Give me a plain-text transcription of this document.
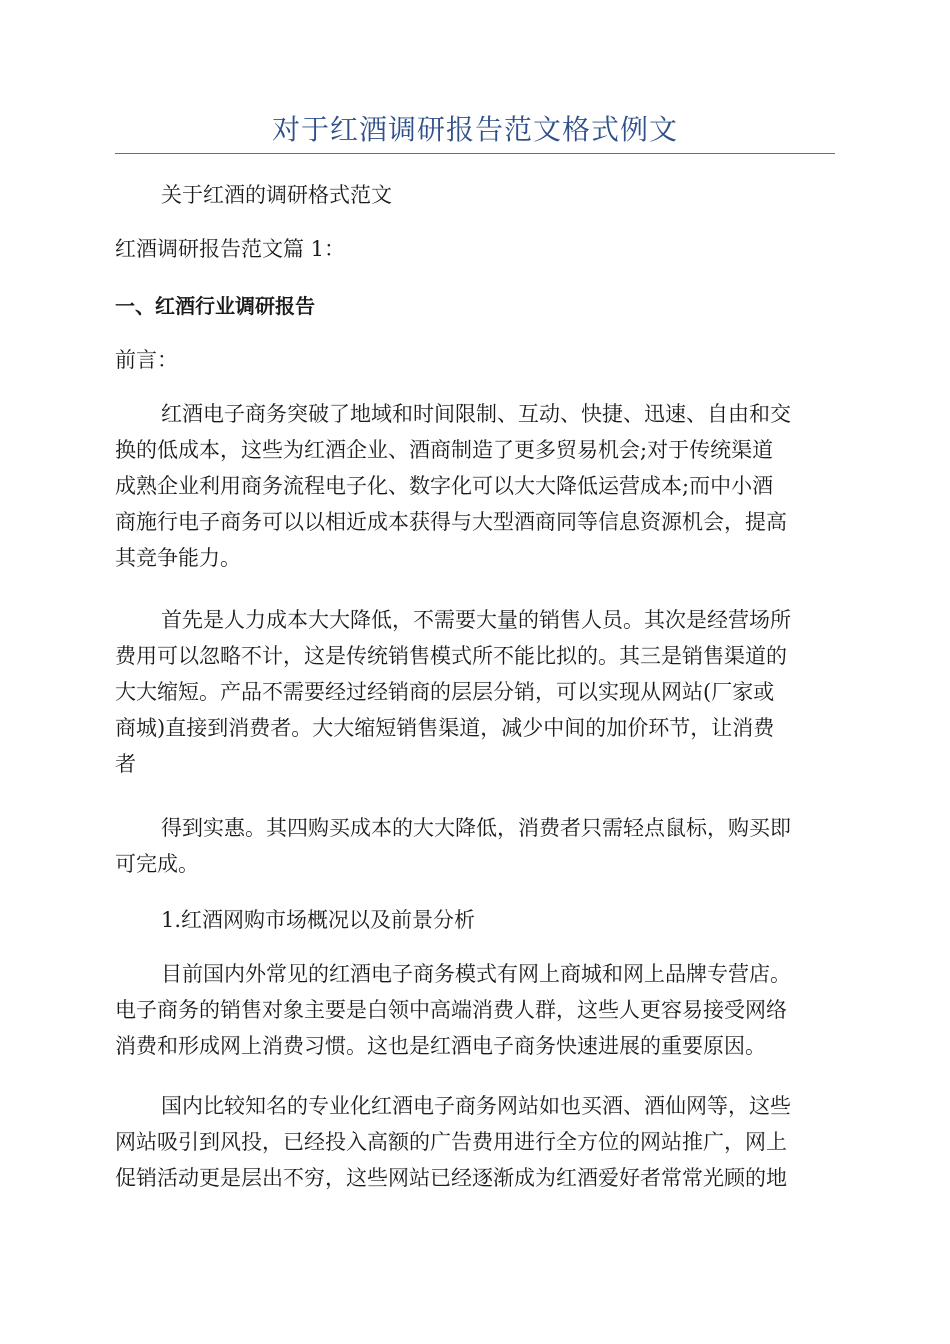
对于红酒调研报告范文格式例文
关于红酒的调研格式范文
红酒调研报告范文篇 1：
一、红酒行业调研报告
前言：
红酒电子商务突破了地域和时间限制、互动、快捷、迅速、自由和交
换的低成本，这些为红酒企业、酒商制造了更多贸易机会;对于传统渠道
成熟企业利用商务流程电子化、数字化可以大大降低运营成本;而中小酒
商施行电子商务可以以相近成本获得与大型酒商同等信息资源机会，提高
其竞争能力。
首先是人力成本大大降低，不需要大量的销售人员。其次是经营场所
费用可以忽略不计，这是传统销售模式所不能比拟的。其三是销售渠道的
大大缩短。产品不需要经过经销商的层层分销，可以实现从网站(厂家或
商城)直接到消费者。大大缩短销售渠道，减少中间的加价环节，让消费
者
得到实惠。其四购买成本的大大降低，消费者只需轻点鼠标，购买即
可完成。
1.红酒网购市场概况以及前景分析
目前国内外常见的红酒电子商务模式有网上商城和网上品牌专营店。
电子商务的销售对象主要是白领中高端消费人群，这些人更容易接受网络
消费和形成网上消费习惯。这也是红酒电子商务快速进展的重要原因。
国内比较知名的专业化红酒电子商务网站如也买酒、酒仙网等，这些
网站吸引到风投，已经投入高额的广告费用进行全方位的网站推广，网上
促销活动更是层出不穷，这些网站已经逐渐成为红酒爱好者常常光顾的地
